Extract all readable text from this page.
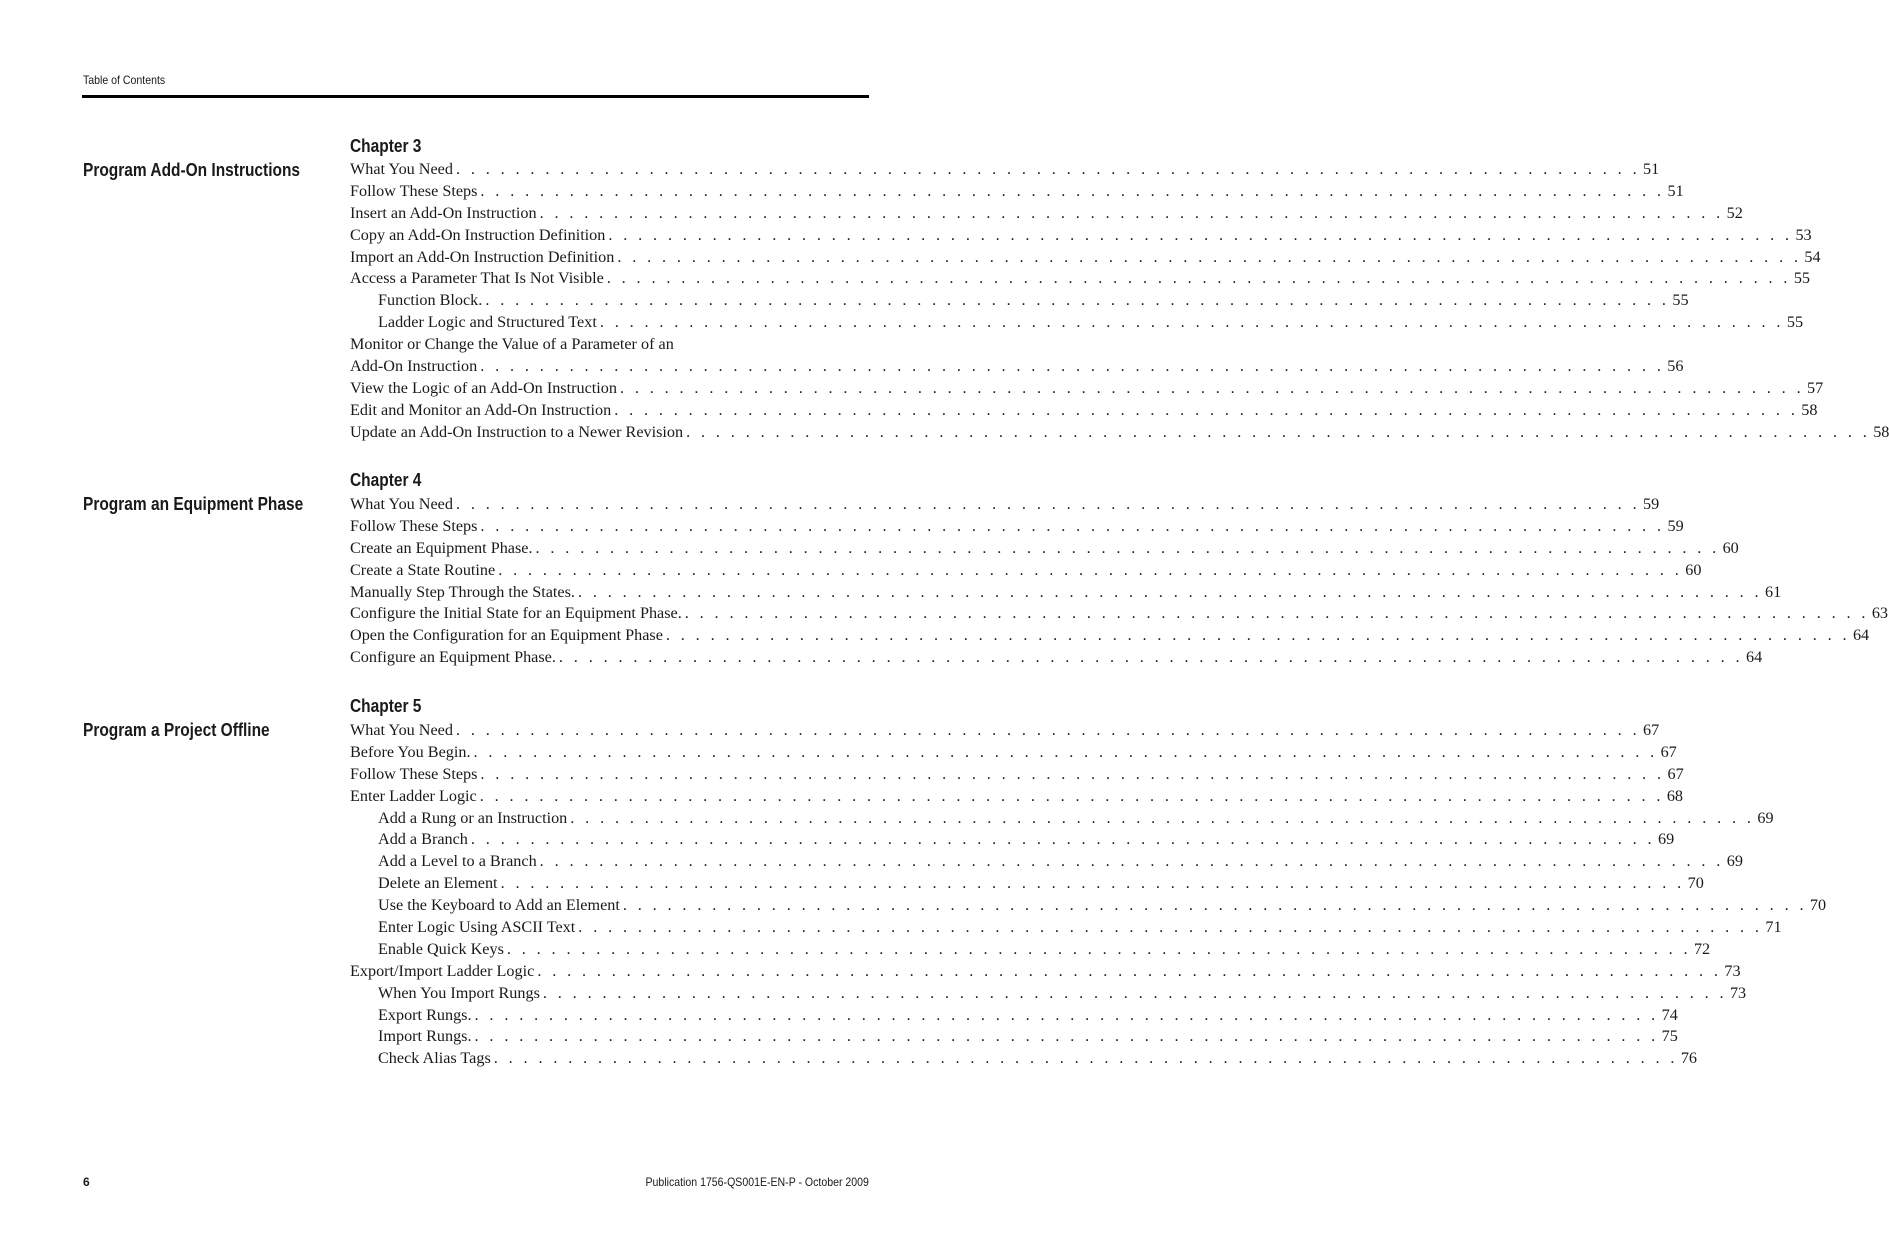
Table of Contents
Chapter 3
Program Add-On Instructions	What You Need . . . . . . . . . . . . . . . . . . . . . . . . . . . . . . . . . . . . . . . . . . . . . . . . . . . . . . . . . . . . . . . . . . . . . . . . . . . . . . . . 51
Follow These Steps . . . . . . . . . . . . . . . . . . . . . . . . . . . . . . . . . . . . . . . . . . . . . . . . . . . . . . . . . . . . . . . . . . . . . . . . . . . . . . . . 51
Insert an Add-On Instruction . . . . . . . . . . . . . . . . . . . . . . . . . . . . . . . . . . . . . . . . . . . . . . . . . . . . . . . . . . . . . . . . . . . . . . . . . . . . . . . . 52
Copy an Add-On Instruction Definition . . . . . . . . . . . . . . . . . . . . . . . . . . . . . . . . . . . . . . . . . . . . . . . . . . . . . . . . . . . . . . . . . . . . . . . . . . . . . . . . 53
Import an Add-On Instruction Definition . . . . . . . . . . . . . . . . . . . . . . . . . . . . . . . . . . . . . . . . . . . . . . . . . . . . . . . . . . . . . . . . . . . . . . . . . . . . . . . . 54
Access a Parameter That Is Not Visible . . . . . . . . . . . . . . . . . . . . . . . . . . . . . . . . . . . . . . . . . . . . . . . . . . . . . . . . . . . . . . . . . . . . . . . . . . . . . . . . 55
Function Block. . . . . . . . . . . . . . . . . . . . . . . . . . . . . . . . . . . . . . . . . . . . . . . . . . . . . . . . . . . . . . . . . . . . . . . . . . . . . . . . . 55
Ladder Logic and Structured Text . . . . . . . . . . . . . . . . . . . . . . . . . . . . . . . . . . . . . . . . . . . . . . . . . . . . . . . . . . . . . . . . . . . . . . . . . . . . . . . . 55
Monitor or Change the Value of a Parameter of an
Add-On Instruction . . . . . . . . . . . . . . . . . . . . . . . . . . . . . . . . . . . . . . . . . . . . . . . . . . . . . . . . . . . . . . . . . . . . . . . . . . . . . . . . 56
View the Logic of an Add-On Instruction . . . . . . . . . . . . . . . . . . . . . . . . . . . . . . . . . . . . . . . . . . . . . . . . . . . . . . . . . . . . . . . . . . . . . . . . . . . . . . . . 57
Edit and Monitor an Add-On Instruction . . . . . . . . . . . . . . . . . . . . . . . . . . . . . . . . . . . . . . . . . . . . . . . . . . . . . . . . . . . . . . . . . . . . . . . . . . . . . . . . 58
Update an Add-On Instruction to a Newer Revision . . . . . . . . . . . . . . . . . . . . . . . . . . . . . . . . . . . . . . . . . . . . . . . . . . . . . . . . . . . . . . . . . . . . . . . . . . . . . . . . 58
Chapter 4
Program an Equipment Phase	What You Need . . . . . . . . . . . . . . . . . . . . . . . . . . . . . . . . . . . . . . . . . . . . . . . . . . . . . . . . . . . . . . . . . . . . . . . . . . . . . . . . 59
Follow These Steps . . . . . . . . . . . . . . . . . . . . . . . . . . . . . . . . . . . . . . . . . . . . . . . . . . . . . . . . . . . . . . . . . . . . . . . . . . . . . . . . 59
Create an Equipment Phase. . . . . . . . . . . . . . . . . . . . . . . . . . . . . . . . . . . . . . . . . . . . . . . . . . . . . . . . . . . . . . . . . . . . . . . . . . . . . . . . . 60
Create a State Routine . . . . . . . . . . . . . . . . . . . . . . . . . . . . . . . . . . . . . . . . . . . . . . . . . . . . . . . . . . . . . . . . . . . . . . . . . . . . . . . . 60
Manually Step Through the States. . . . . . . . . . . . . . . . . . . . . . . . . . . . . . . . . . . . . . . . . . . . . . . . . . . . . . . . . . . . . . . . . . . . . . . . . . . . . . . . . 61
Configure the Initial State for an Equipment Phase. . . . . . . . . . . . . . . . . . . . . . . . . . . . . . . . . . . . . . . . . . . . . . . . . . . . . . . . . . . . . . . . . . . . . . . . . . . . . . . . . 63
Open the Configuration for an Equipment Phase . . . . . . . . . . . . . . . . . . . . . . . . . . . . . . . . . . . . . . . . . . . . . . . . . . . . . . . . . . . . . . . . . . . . . . . . . . . . . . . . 64
Configure an Equipment Phase. . . . . . . . . . . . . . . . . . . . . . . . . . . . . . . . . . . . . . . . . . . . . . . . . . . . . . . . . . . . . . . . . . . . . . . . . . . . . . . . . 64
Chapter 5
Program a Project Offline	What You Need . . . . . . . . . . . . . . . . . . . . . . . . . . . . . . . . . . . . . . . . . . . . . . . . . . . . . . . . . . . . . . . . . . . . . . . . . . . . . . . . 67
Before You Begin. . . . . . . . . . . . . . . . . . . . . . . . . . . . . . . . . . . . . . . . . . . . . . . . . . . . . . . . . . . . . . . . . . . . . . . . . . . . . . . . . 67
Follow These Steps . . . . . . . . . . . . . . . . . . . . . . . . . . . . . . . . . . . . . . . . . . . . . . . . . . . . . . . . . . . . . . . . . . . . . . . . . . . . . . . . 67
Enter Ladder Logic . . . . . . . . . . . . . . . . . . . . . . . . . . . . . . . . . . . . . . . . . . . . . . . . . . . . . . . . . . . . . . . . . . . . . . . . . . . . . . . . 68
Add a Rung or an Instruction . . . . . . . . . . . . . . . . . . . . . . . . . . . . . . . . . . . . . . . . . . . . . . . . . . . . . . . . . . . . . . . . . . . . . . . . . . . . . . . . 69
Add a Branch . . . . . . . . . . . . . . . . . . . . . . . . . . . . . . . . . . . . . . . . . . . . . . . . . . . . . . . . . . . . . . . . . . . . . . . . . . . . . . . . 69
Add a Level to a Branch . . . . . . . . . . . . . . . . . . . . . . . . . . . . . . . . . . . . . . . . . . . . . . . . . . . . . . . . . . . . . . . . . . . . . . . . . . . . . . . . 69
Delete an Element . . . . . . . . . . . . . . . . . . . . . . . . . . . . . . . . . . . . . . . . . . . . . . . . . . . . . . . . . . . . . . . . . . . . . . . . . . . . . . . . 70
Use the Keyboard to Add an Element . . . . . . . . . . . . . . . . . . . . . . . . . . . . . . . . . . . . . . . . . . . . . . . . . . . . . . . . . . . . . . . . . . . . . . . . . . . . . . . . 70
Enter Logic Using ASCII Text . . . . . . . . . . . . . . . . . . . . . . . . . . . . . . . . . . . . . . . . . . . . . . . . . . . . . . . . . . . . . . . . . . . . . . . . . . . . . . . . 71
Enable Quick Keys . . . . . . . . . . . . . . . . . . . . . . . . . . . . . . . . . . . . . . . . . . . . . . . . . . . . . . . . . . . . . . . . . . . . . . . . . . . . . . . . 72
Export/Import Ladder Logic . . . . . . . . . . . . . . . . . . . . . . . . . . . . . . . . . . . . . . . . . . . . . . . . . . . . . . . . . . . . . . . . . . . . . . . . . . . . . . . . 73
When You Import Rungs . . . . . . . . . . . . . . . . . . . . . . . . . . . . . . . . . . . . . . . . . . . . . . . . . . . . . . . . . . . . . . . . . . . . . . . . . . . . . . . . 73
Export Rungs. . . . . . . . . . . . . . . . . . . . . . . . . . . . . . . . . . . . . . . . . . . . . . . . . . . . . . . . . . . . . . . . . . . . . . . . . . . . . . . . . 74
Import Rungs. . . . . . . . . . . . . . . . . . . . . . . . . . . . . . . . . . . . . . . . . . . . . . . . . . . . . . . . . . . . . . . . . . . . . . . . . . . . . . . . . 75
Check Alias Tags . . . . . . . . . . . . . . . . . . . . . . . . . . . . . . . . . . . . . . . . . . . . . . . . . . . . . . . . . . . . . . . . . . . . . . . . . . . . . . . . 76
6	Publication 1756-QS001E-EN-P - October 2009
